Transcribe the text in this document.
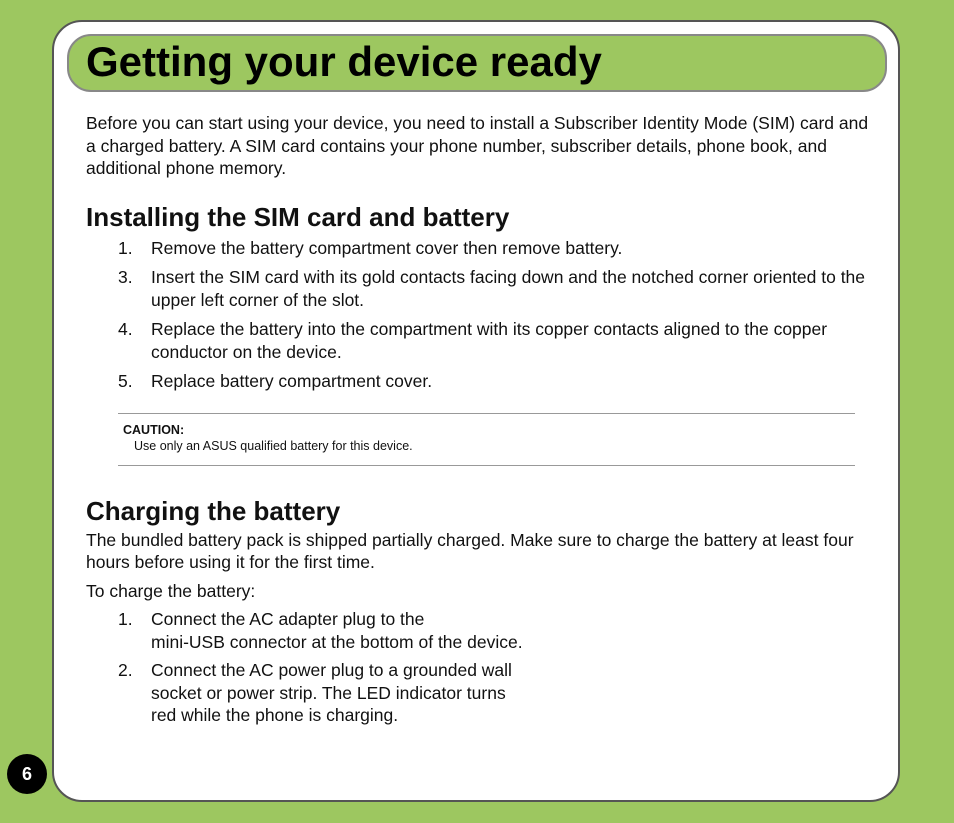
Getting your device ready

Before you can start using your device, you need to install a Subscriber Identity Mode (SIM) card and a charged battery. A SIM card contains your phone number, subscriber details, phone book, and additional phone memory.

Installing the SIM card and battery
1. Remove the battery compartment cover then remove battery.
3. Insert the SIM card with its gold contacts facing down and the notched corner oriented to the upper left corner of the slot.
4. Replace the battery into the compartment with its copper contacts aligned to the copper conductor on the device.
5. Replace battery compartment cover.
CAUTION:
Use only an ASUS qualified battery for this device.
Charging the battery

The bundled battery pack is shipped partially charged. Make sure to charge the battery at least four hours before using it for the first time.

To charge the battery:

1. Connect the AC adapter plug to the
mini-USB connector at the bottom of the device.
2. Connect the AC power plug to a grounded wall
socket or power strip. The LED indicator turns
red while the phone is charging.
6
